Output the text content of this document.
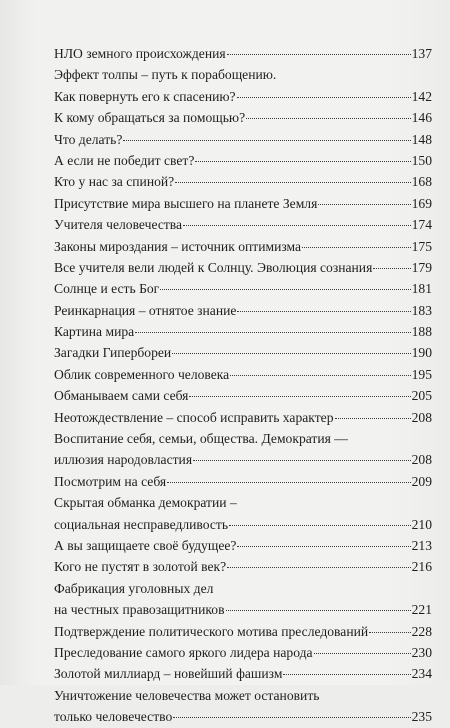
НЛО земного происхождения	137
Эффект толпы – путь к порабощению.
Как повернуть его к спасению?	142
К кому обращаться за помощью?	146
Что делать?	148
А если не победит свет?	150
Кто у нас за спиной?	168
Присутствие мира высшего на планете Земля	169
Учителя человечества	174
Законы мироздания – источник оптимизма	175
Все учителя вели людей к Солнцу. Эволюция сознания	179
Солнце и есть Бог	181
Реинкарнация – отнятое знание	183
Картина мира	188
Загадки Гипербореи	190
Облик современного человека	195
Обманываем сами себя	205
Неотождествление – способ исправить характер	208
Воспитание себя, семьи, общества. Демократия —
иллюзия народовластия	208
Посмотрим на себя	209
Скрытая обманка демократии –
социальная несправедливость	210
А вы защищаете своё будущее?	213
Кого не пустят в золотой век?	216
Фабрикация уголовных дел
на честных правозащитников	221
Подтверждение политического мотива преследований	228
Преследование самого яркого лидера народа	230
Золотой миллиард – новейший фашизм	234
Уничтожение человечества может остановить
только человечество	235
